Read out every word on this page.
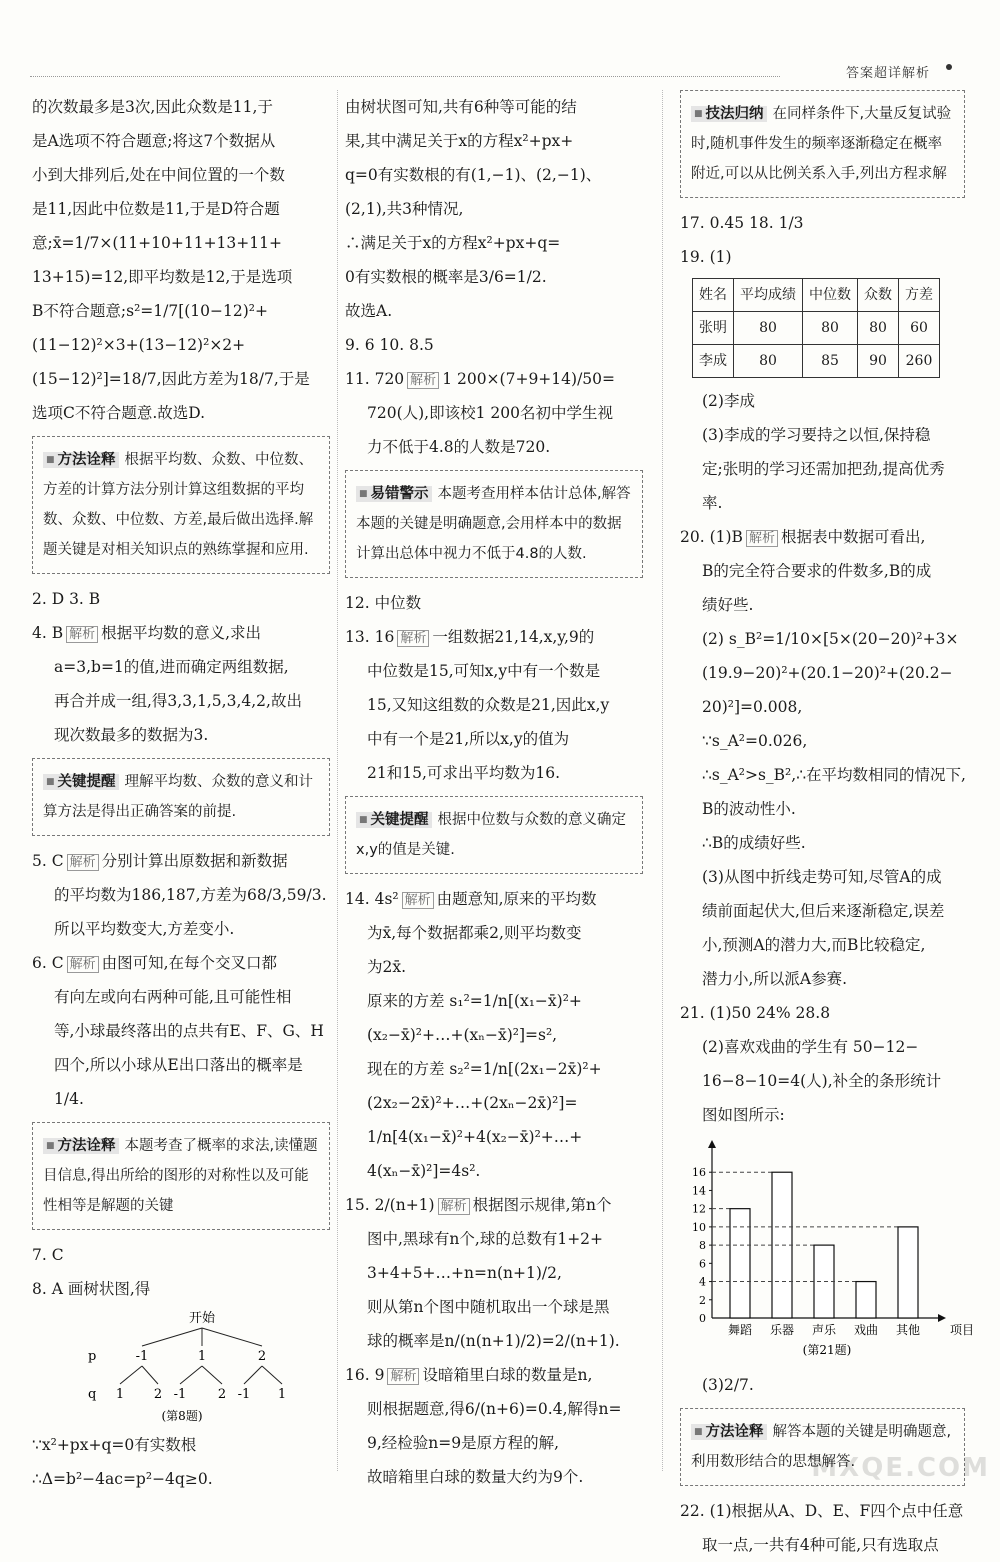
答案超详解析
的次数最多是3次,因此众数是11,于
是A选项不符合题意;将这7个数据从
小到大排列后,处在中间位置的一个数
是11,因此中位数是11,于是D符合题
意;x̄=1/7×(11+10+11+13+11+
13+15)=12,即平均数是12,于是选项
B不符合题意;s²=1/7[(10−12)²+
(11−12)²×3+(13−12)²×2+
(15−12)²]=18/7,因此方差为18/7,于是
选项C不符合题意.故选D.
■ 方法诠释 根据平均数、众数、中位数、方差的计算方法分别计算这组数据的平均数、众数、中位数、方差,最后做出选择.解题关键是对相关知识点的熟练掌握和应用.
2. D 3. B
4. B 解析 根据平均数的意义,求出
a=3,b=1的值,进而确定两组数据,
再合并成一组,得3,3,1,5,3,4,2,故出
现次数最多的数据为3.
■ 关键提醒 理解平均数、众数的意义和计算方法是得出正确答案的前提.
5. C 解析 分别计算出原数据和新数据
的平均数为186,187,方差为68/3,59/3.
所以平均数变大,方差变小.
6. C 解析 由图可知,在每个交叉口都
有向左或向右两种可能,且可能性相
等,小球最终落出的点共有E、F、G、H
四个,所以小球从E出口落出的概率是
1/4.
■ 方法诠释 本题考查了概率的求法,读懂题目信息,得出所给的图形的对称性以及可能性相等是解题的关键
7. C
8. A 画树状图,得
开始
p	-1	1	2
q 1 2 -1 2 -1 1
(第8题)
∵x²+px+q=0有实数根
∴Δ=b²−4ac=p²−4q≥0.
由树状图可知,共有6种等可能的结
果,其中满足关于x的方程x²+px+
q=0有实数根的有(1,−1)、(2,−1)、
(2,1),共3种情况,
∴满足关于x的方程x²+px+q=
0有实数根的概率是3/6=1/2.
故选A.
9. 6 10. 8.5
11. 720 解析 1 200×(7+9+14)/50=
720(人),即该校1 200名初中学生视
力不低于4.8的人数是720.
■ 易错警示 本题考查用样本估计总体,解答本题的关键是明确题意,会用样本中的数据计算出总体中视力不低于4.8的人数.
12. 中位数
13. 16 解析 一组数据21,14,x,y,9的
中位数是15,可知x,y中有一个数是
15,又知这组数的众数是21,因此x,y
中有一个是21,所以x,y的值为
21和15,可求出平均数为16.
■ 关键提醒 根据中位数与众数的意义确定x,y的值是关键.
14. 4s² 解析 由题意知,原来的平均数
为x̄,每个数据都乘2,则平均数变
为2x̄.
原来的方差 s₁²=1/n[(x₁−x̄)²+
(x₂−x̄)²+…+(xₙ−x̄)²]=s²,
现在的方差 s₂²=1/n[(2x₁−2x̄)²+
(2x₂−2x̄)²+…+(2xₙ−2x̄)²]=
1/n[4(x₁−x̄)²+4(x₂−x̄)²+…+
4(xₙ−x̄)²]=4s².
15. 2/(n+1) 解析 根据图示规律,第n个
图中,黑球有n个,球的总数有1+2+
3+4+5+…+n=n(n+1)/2,
则从第n个图中随机取出一个球是黑
球的概率是n/(n(n+1)/2)=2/(n+1).
16. 9 解析 设暗箱里白球的数量是n,
则根据题意,得6/(n+6)=0.4,解得n=
9,经检验n=9是原方程的解,
故暗箱里白球的数量大约为9个.
■ 技法归纳 在同样条件下,大量反复试验时,随机事件发生的频率逐渐稳定在概率附近,可以从比例关系入手,列出方程求解
17. 0.45 18. 1/3
19. (1)
姓名	平均成绩	中位数	众数	方差
张明	80	80	80	60
李成	80	85	90	260
(2)李成
(3)李成的学习要持之以恒,保持稳
定;张明的学习还需加把劲,提高优秀
率.
20. (1)B 解析 根据表中数据可看出,
B的完全符合要求的件数多,B的成
绩好些.
(2) s_B²=1/10×[5×(20−20)²+3×
(19.9−20)²+(20.1−20)²+(20.2−
20)²]=0.008,
∵s_A²=0.026,
∴s_A²>s_B²,∴在平均数相同的情况下,
B的波动性小.
∴B的成绩好些.
(3)从图中折线走势可知,尽管A的成
绩前面起伏大,但后来逐渐稳定,误差
小,预测A的潜力大,而B比较稳定,
潜力小,所以派A参赛.
21. (1)50 24% 28.8
(2)喜欢戏曲的学生有 50−12−
16−8−10=4(人),补全的条形统计
图如图所示:
0
2
4
6
8
10
12
14
16
舞蹈 乐器 声乐 戏曲 其他 项目
(第21题)
(3)2/7.
■ 方法诠释 解答本题的关键是明确题意,利用数形结合的思想解答.
22. (1)根据从A、D、E、F四个点中任意
取一点,一共有4种可能,只有选取点
MXQE.COM
